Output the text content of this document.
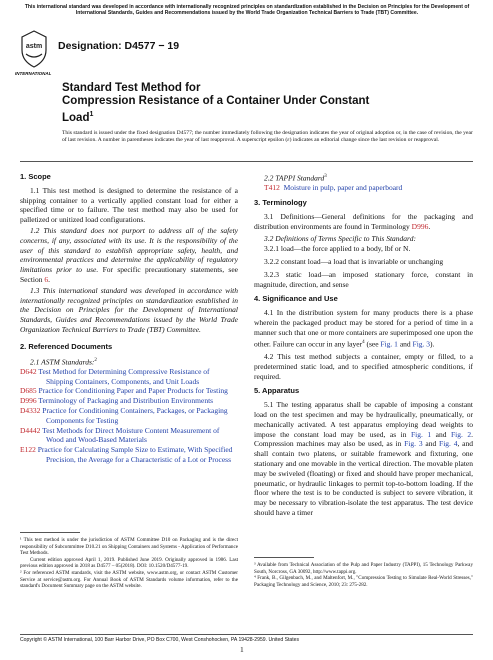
This international standard was developed in accordance with internationally recognized principles on standardization established in the Decision on Principles for the Development of International Standards, Guides and Recommendations issued by the World Trade Organization Technical Barriers to Trade (TBT) Committee.
astm
INTERNATIONAL
Designation: D4577 − 19
Standard Test Method for
Compression Resistance of a Container Under Constant
Load$^1$
This standard is issued under the fixed designation D4577; the number immediately following the designation indicates the year of original adoption or, in the case of revision, the year of last revision. A number in parentheses indicates the year of last reapproval. A superscript epsilon (ε) indicates an editorial change since the last revision or reapproval.

1. Scope

1.1 This test method is designed to determine the resistance of a shipping container to a vertically applied constant load for either a specified time or to failure. The test method may also be used for palletized or unitized load configurations.

1.2 This standard does not purport to address all of the safety concerns, if any, associated with its use. It is the responsibility of the user of this standard to establish appropriate safety, health, and environmental practices and determine the applicability of regulatory limitations prior to use. For specific precautionary statements, see Section 6.

1.3 This international standard was developed in accordance with internationally recognized principles on standardization established in the Decision on Principles for the Development of International Standards, Guides and Recommendations issued by the World Trade Organization Technical Barriers to Trade (TBT) Committee.

2. Referenced Documents

2.1 ASTM Standards:$^2$

D642 Test Method for Determining Compressive Resistance of Shipping Containers, Components, and Unit Loads

D685 Practice for Conditioning Paper and Paper Products for Testing

D996 Terminology of Packaging and Distribution Environments

D4332 Practice for Conditioning Containers, Packages, or Packaging Components for Testing

D4442 Test Methods for Direct Moisture Content Measurement of Wood and Wood-Based Materials

E122 Practice for Calculating Sample Size to Estimate, With Specified Precision, the Average for a Characteristic of a Lot or Process

¹ This test method is under the jurisdiction of ASTM Committee D10 on Packaging and is the direct responsibility of Subcommittee D10.21 on Shipping Containers and Systems - Application of Performance Test Methods.

Current edition approved April 1, 2019. Published June 2019. Originally approved in 1986. Last previous edition approved in 2018 as D4577 – 05(2018). DOI: 10.1520/D4577-19.

² For referenced ASTM standards, visit the ASTM website, www.astm.org, or contact ASTM Customer Service at service@astm.org. For Annual Book of ASTM Standards volume information, refer to the standard's Document Summary page on the ASTM website.

2.2 TAPPI Standard$^3$

T412 Moisture in pulp, paper and paperboard

3. Terminology

3.1 Definitions—General definitions for the packaging and distribution environments are found in Terminology D996.

3.2 Definitions of Terms Specific to This Standard:

3.2.1 load—the force applied to a body, lbf or N.

3.2.2 constant load—a load that is invariable or unchanging

3.2.3 static load—an imposed stationary force, constant in magnitude, direction, and sense

4. Significance and Use

4.1 In the distribution system for many products there is a phase wherein the packaged product may be stored for a period of time in a manner such that one or more containers are superimposed one upon the other. Failure can occur in any layer$^4$ (see Fig. 1 and Fig. 3).

4.2 This test method subjects a container, empty or filled, to a predetermined static load, and to specified atmospheric conditions, if required.

5. Apparatus

5.1 The testing apparatus shall be capable of imposing a constant load on the test specimen and may be hydraulically, pneumatically, or mechanically activated. A test apparatus employing dead weights to impose the constant load may be used, as in Fig. 1 and Fig. 2. Compression machines may also be used, as in Fig. 3 and Fig. 4, and shall contain two platens, or suitable framework and fixturing, one stationary and one movable in the vertical direction. The movable platen may be swiveled (floating) or fixed and should have proper mechanical, pneumatic, or hydraulic linkages to permit top-to-bottom loading. If the floor where the test is to be conducted is subject to severe vibration, it may be necessary to vibration-isolate the test apparatus. The test device should have a timer

³ Available from Technical Association of the Pulp and Paper Industry (TAPPI), 15 Technology Parkway South, Norcross, GA 30092, http://www.tappi.org.

⁴ Frank, B., Gilgenbach, M., and Maltenfort, M., "Compression Testing to Simulate Real-World Stresses," Packaging Technology and Science, 2010; 23: 275-282.

Copyright © ASTM International, 100 Barr Harbor Drive, PO Box C700, West Conshohocken, PA 19428-2959. United States
1
